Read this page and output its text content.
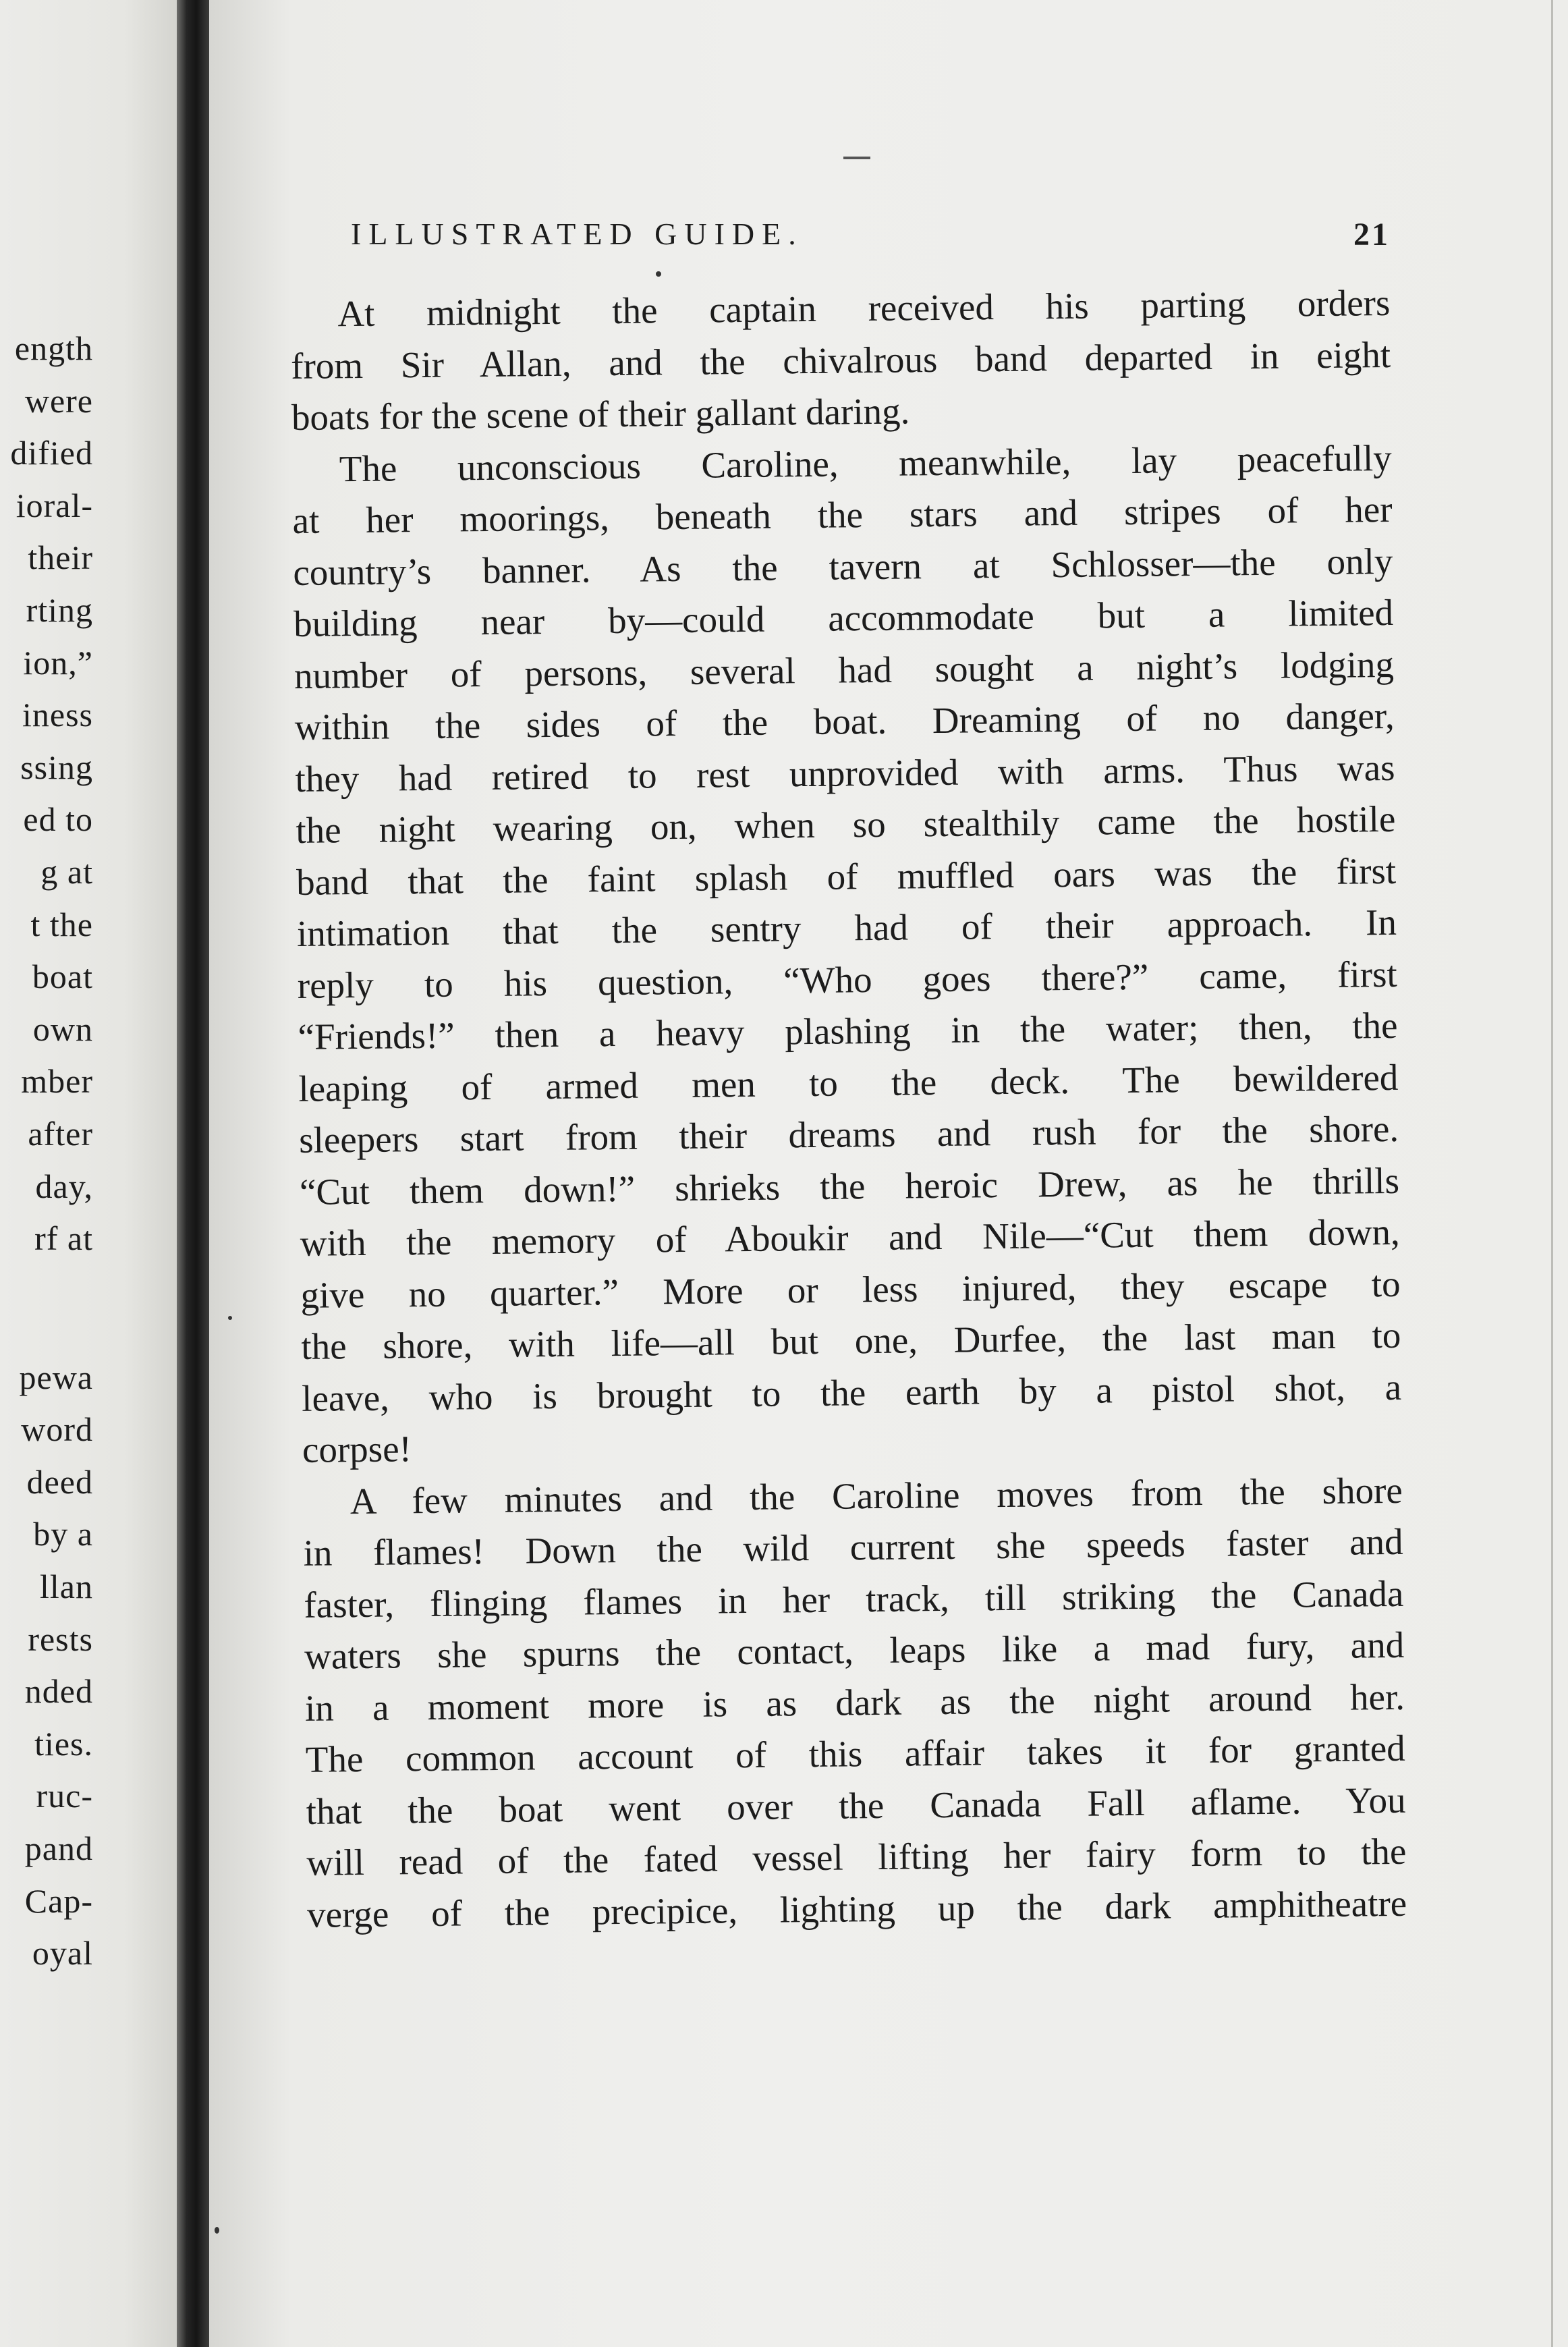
ength
were
dified
ioral-
their
rting
ion,”
iness
ssing
ed to
g at
t the
boat
own
mber
after
day,
rf at
pewa
word
deed
by a
llan
rests
nded
ties.
ruc-
pand
Cap-
oyal
ILLUSTRATED GUIDE.	21
At midnight the captain received his parting orders
from Sir Allan, and the chivalrous band departed in eight
boats for the scene of their gallant daring.
The unconscious Caroline, meanwhile, lay peacefully
at her moorings, beneath the stars and stripes of her
country’s banner. As the tavern at Schlosser—the only
building near by—could accommodate but a limited
number of persons, several had sought a night’s lodging
within the sides of the boat. Dreaming of no danger,
they had retired to rest unprovided with arms. Thus was
the night wearing on, when so stealthily came the hostile
band that the faint splash of muffled oars was the first
intimation that the sentry had of their approach. In
reply to his question, “Who goes there?” came, first
“Friends!” then a heavy plashing in the water; then, the
leaping of armed men to the deck. The bewildered
sleepers start from their dreams and rush for the shore.
“Cut them down!” shrieks the heroic Drew, as he thrills
with the memory of Aboukir and Nile—“Cut them down,
give no quarter.” More or less injured, they escape to
the shore, with life—all but one, Durfee, the last man to
leave, who is brought to the earth by a pistol shot, a
corpse!
A few minutes and the Caroline moves from the shore
in flames! Down the wild current she speeds faster and
faster, flinging flames in her track, till striking the Canada
waters she spurns the contact, leaps like a mad fury, and
in a moment more is as dark as the night around her.
The common account of this affair takes it for granted
that the boat went over the Canada Fall aflame. You
will read of the fated vessel lifting her fairy form to the
verge of the precipice, lighting up the dark amphitheatre
